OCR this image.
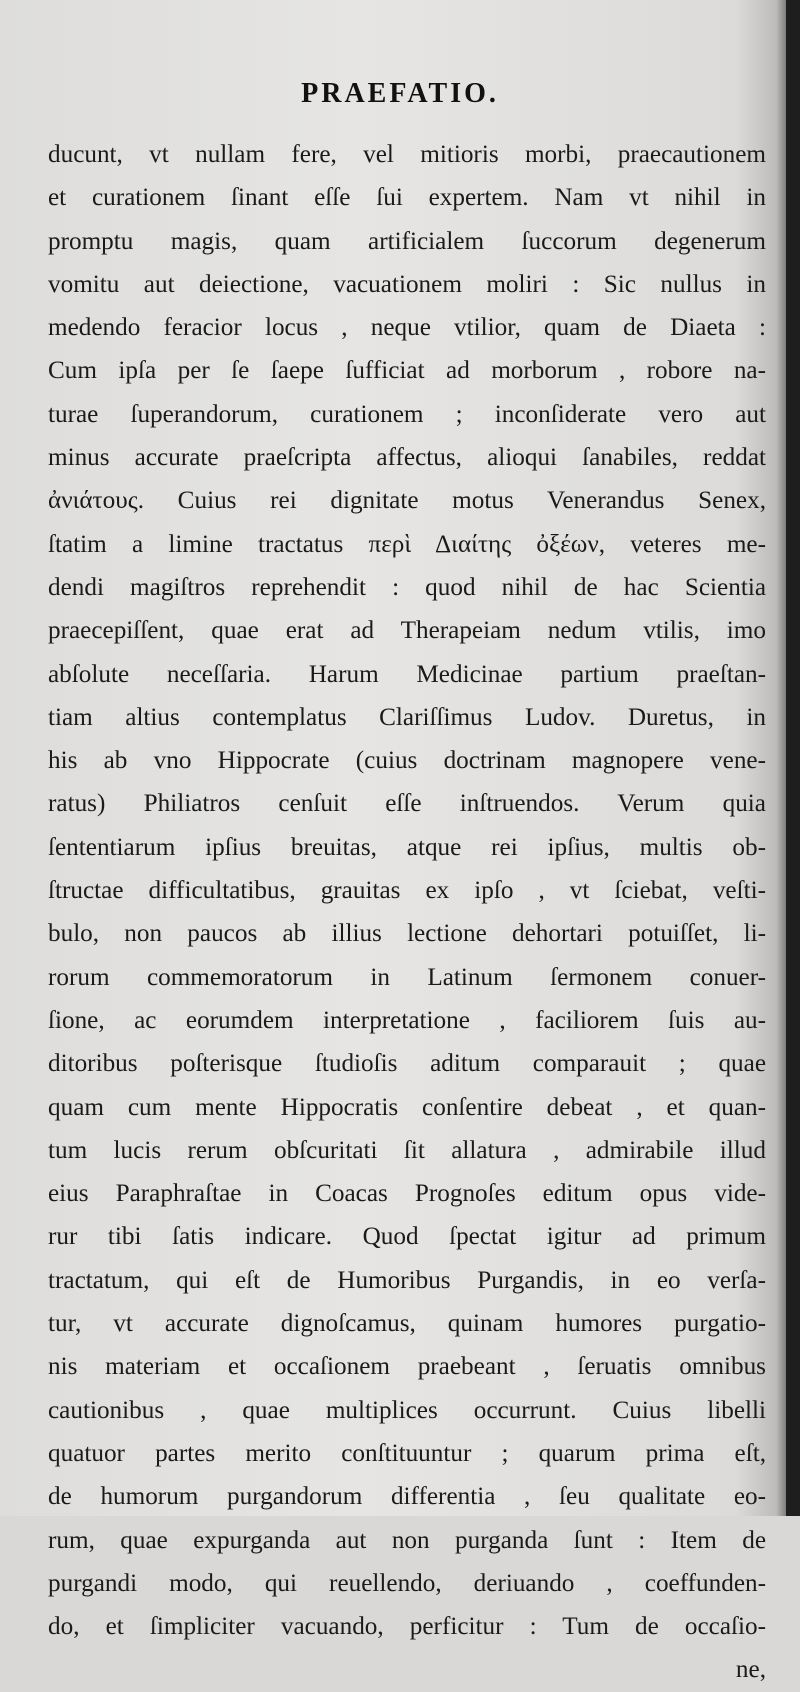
PRAEFATIO.
ducunt, vt nullam fere, vel mitioris morbi, praecautionem
et curationem ſinant eſſe ſui expertem. Nam vt nihil in
promptu magis, quam artificialem ſuccorum degenerum
vomitu aut deiectione, vacuationem moliri : Sic nullus in
medendo feracior locus , neque vtilior, quam de Diaeta :
Cum ipſa per ſe ſaepe ſufficiat ad morborum , robore na-
turae ſuperandorum, curationem ; inconſiderate vero aut
minus accurate praeſcripta affectus, alioqui ſanabiles, reddat
ἀνιάτους. Cuius rei dignitate motus Venerandus Senex,
ſtatim a limine tractatus περὶ Διαίτης ὀξέων, veteres me-
dendi magiſtros reprehendit : quod nihil de hac Scientia
praecepiſſent, quae erat ad Therapeiam nedum vtilis, imo
abſolute neceſſaria. Harum Medicinae partium praeſtan-
tiam altius contemplatus Clariſſimus Ludov. Duretus, in
his ab vno Hippocrate (cuius doctrinam magnopere vene-
ratus) Philiatros cenſuit eſſe inſtruendos. Verum quia
ſententiarum ipſius breuitas, atque rei ipſius, multis ob-
ſtructae difficultatibus, grauitas ex ipſo , vt ſciebat, veſti-
bulo, non paucos ab illius lectione dehortari potuiſſet, li-
rorum commemoratorum in Latinum ſermonem conuer-
ſione, ac eorumdem interpretatione , faciliorem ſuis au-
ditoribus poſterisque ſtudioſis aditum comparauit ; quae
quam cum mente Hippocratis conſentire debeat , et quan-
tum lucis rerum obſcuritati ſit allatura , admirabile illud
eius Paraphraſtae in Coacas Prognoſes editum opus vide-
rur tibi ſatis indicare. Quod ſpectat igitur ad primum
tractatum, qui eſt de Humoribus Purgandis, in eo verſa-
tur, vt accurate dignoſcamus, quinam humores purgatio-
nis materiam et occaſionem praebeant , ſeruatis omnibus
cautionibus , quae multiplices occurrunt. Cuius libelli
quatuor partes merito conſtituuntur ; quarum prima eſt,
de humorum purgandorum differentia , ſeu qualitate eo-
rum, quae expurganda aut non purganda ſunt : Item de
purgandi modo, qui reuellendo, deriuando , coeffunden-
do, et ſimpliciter vacuando, perficitur : Tum de occaſio-
ne,
